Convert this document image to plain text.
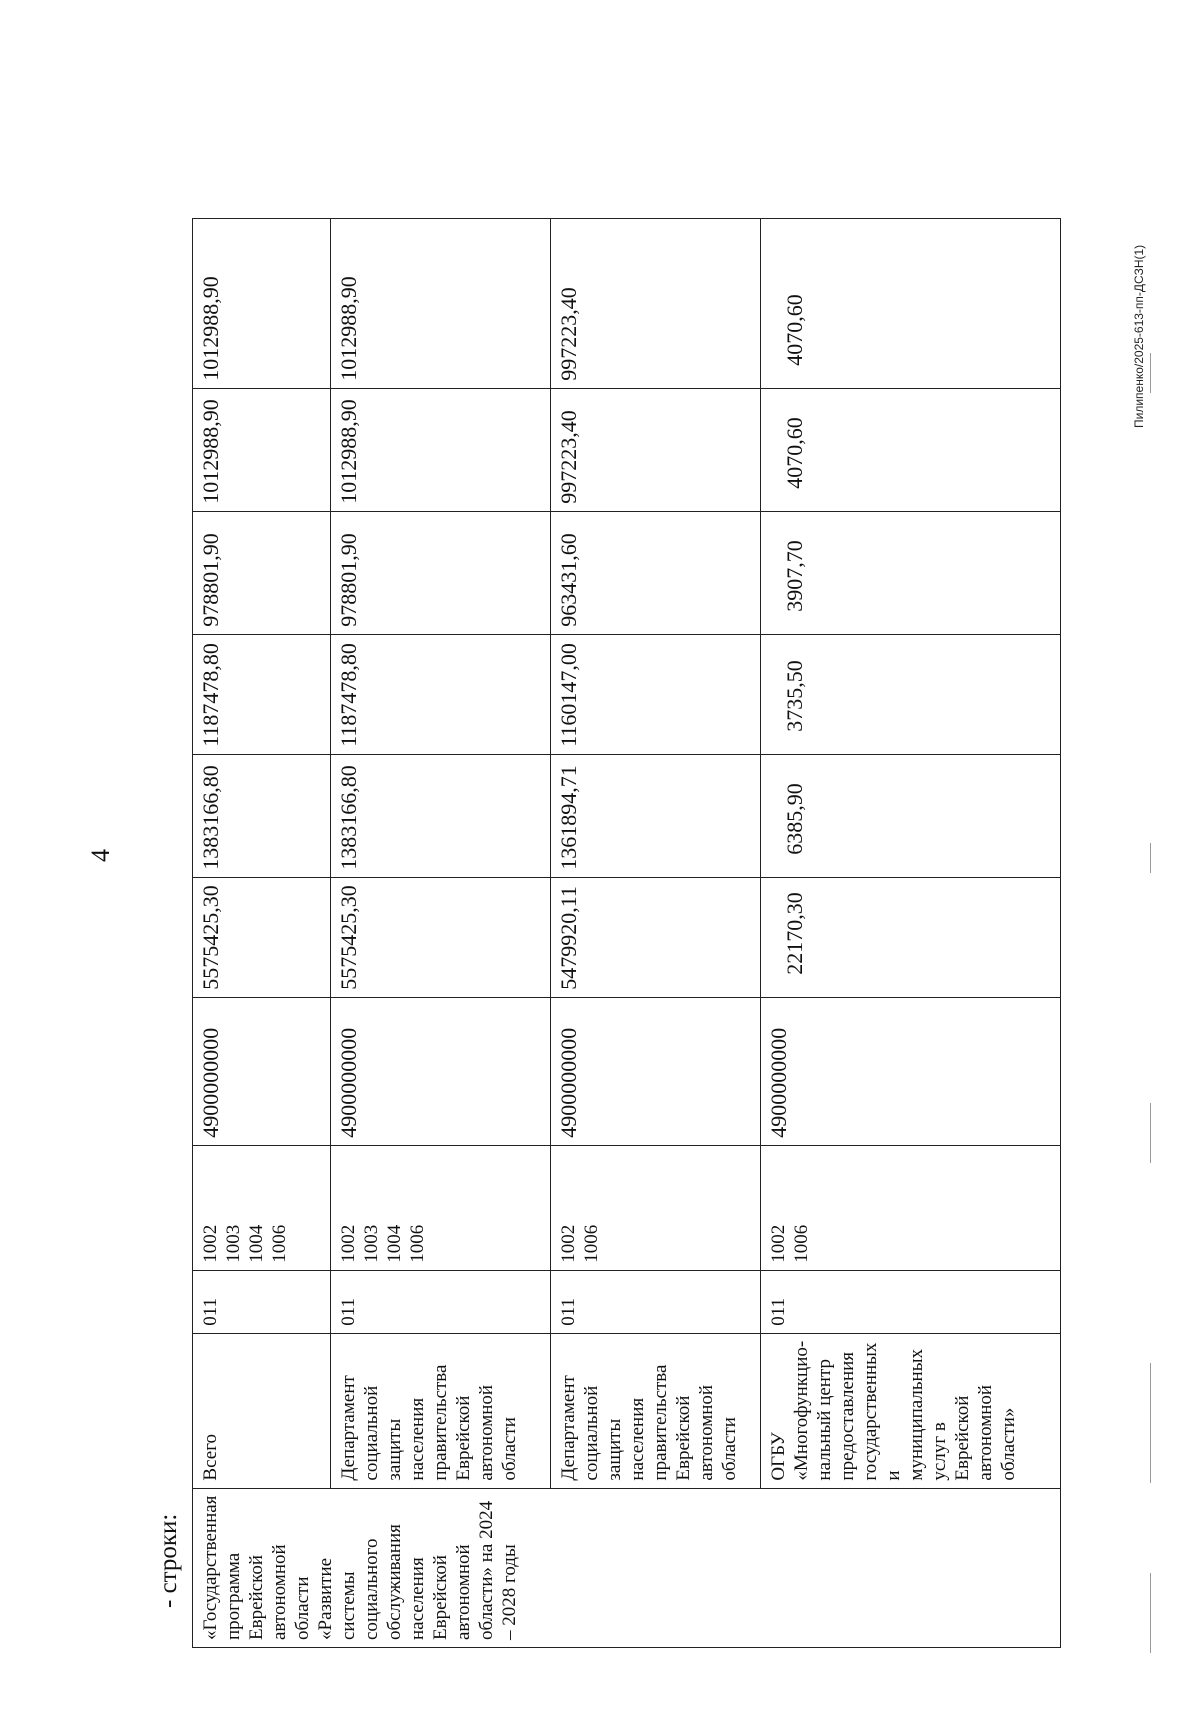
4
- строки: «Государственная программа Еврейской автономной области «Развитие системы социального обслуживания населения Еврейской автономной области» на 2024 – 2028 годы	Всего	011	1002 1003 1004 1006	4900000000	5575425,30	1383166,80	1187478,80	978801,90	1012988,90	1012988,90
	Департамент социальной защиты населения правительства Еврейской автономной области	011	1002 1003 1004 1006	4900000000	5575425,30	1383166,80	1187478,80	978801,90	1012988,90	1012988,90
	Департамент социальной защиты населения правительства Еврейской автономной области	011	1002 1006	4900000000	5479920,11	1361894,71	1160147,00	963431,60	997223,40	997223,40
	ОГБУ «Многофункцио-нальный центр предоставления государственных и муниципальных услуг в Еврейской автономной области»	011	1002 1006	4900000000	22170,30	6385,90	3735,50	3907,70	4070,60	4070,60	Пилипенко/2025-613-пп-ДСЗН(1)
